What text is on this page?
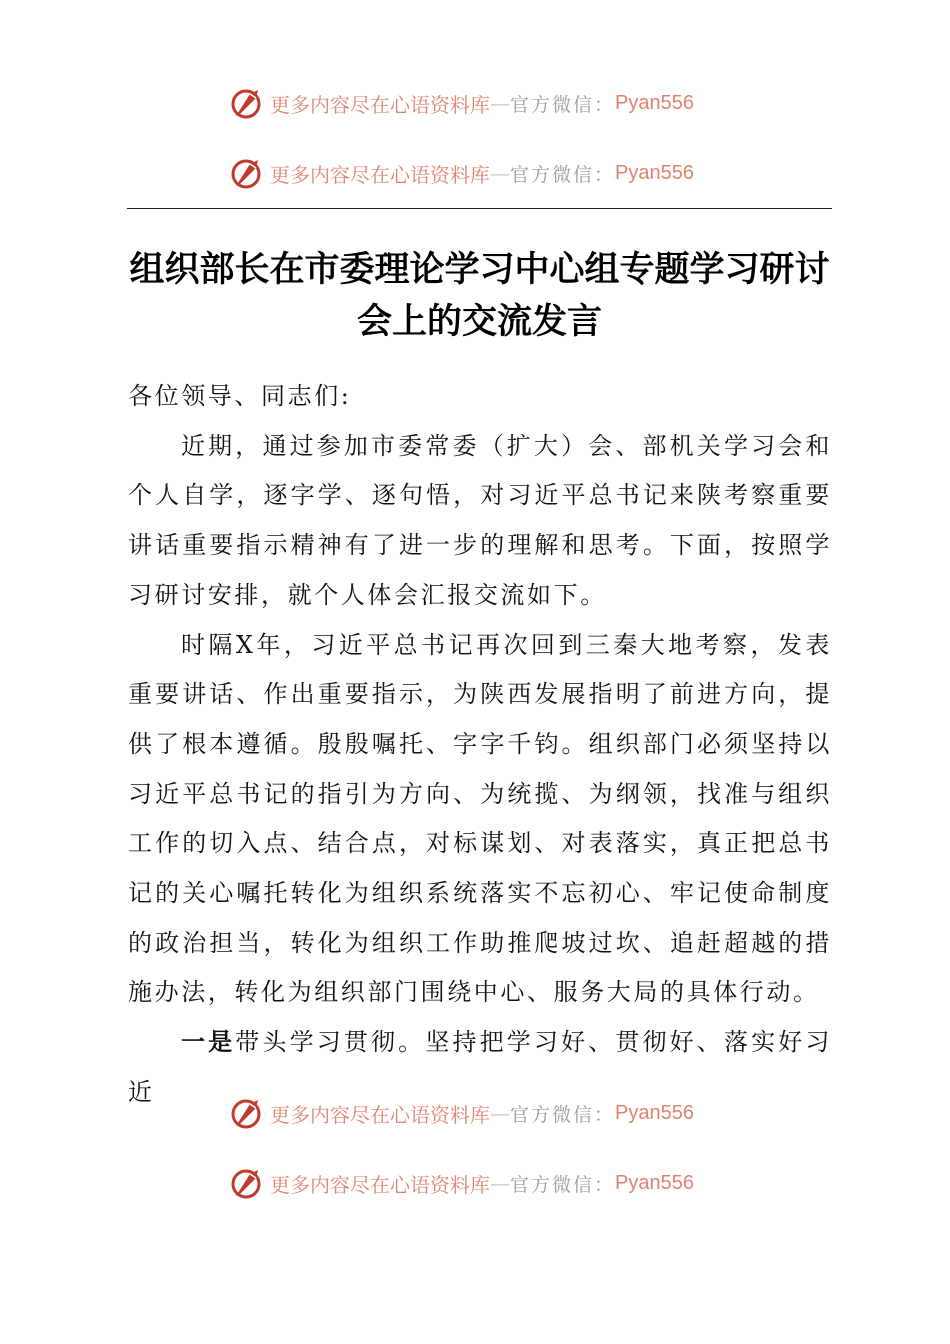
更多内容尽在心语资料库 — 官方微信： Pyan556
更多内容尽在心语资料库 — 官方微信： Pyan556
组织部长在市委理论学习中心组专题学习研讨
会上的交流发言

各位领导、同志们:

近期，通过参加市委常委（扩大）会、部机关学习会和个人自学，逐字学、逐句悟，对习近平总书记来陕考察重要讲话重要指示精神有了进一步的理解和思考。下面，按照学习研讨安排，就个人体会汇报交流如下。

时隔X年，习近平总书记再次回到三秦大地考察，发表重要讲话、作出重要指示，为陕西发展指明了前进方向，提供了根本遵循。殷殷嘱托、字字千钧。组织部门必须坚持以习近平总书记的指引为方向、为统揽、为纲领，找准与组织工作的切入点、结合点，对标谋划、对表落实，真正把总书记的关心嘱托转化为组织系统落实不忘初心、牢记使命制度的政治担当，转化为组织工作助推爬坡过坎、追赶超越的措施办法，转化为组织部门围绕中心、服务大局的具体行动。

一是带头学习贯彻。坚持把学习好、贯彻好、落实好习近

更多内容尽在心语资料库 — 官方微信： Pyan556
更多内容尽在心语资料库 — 官方微信： Pyan556
